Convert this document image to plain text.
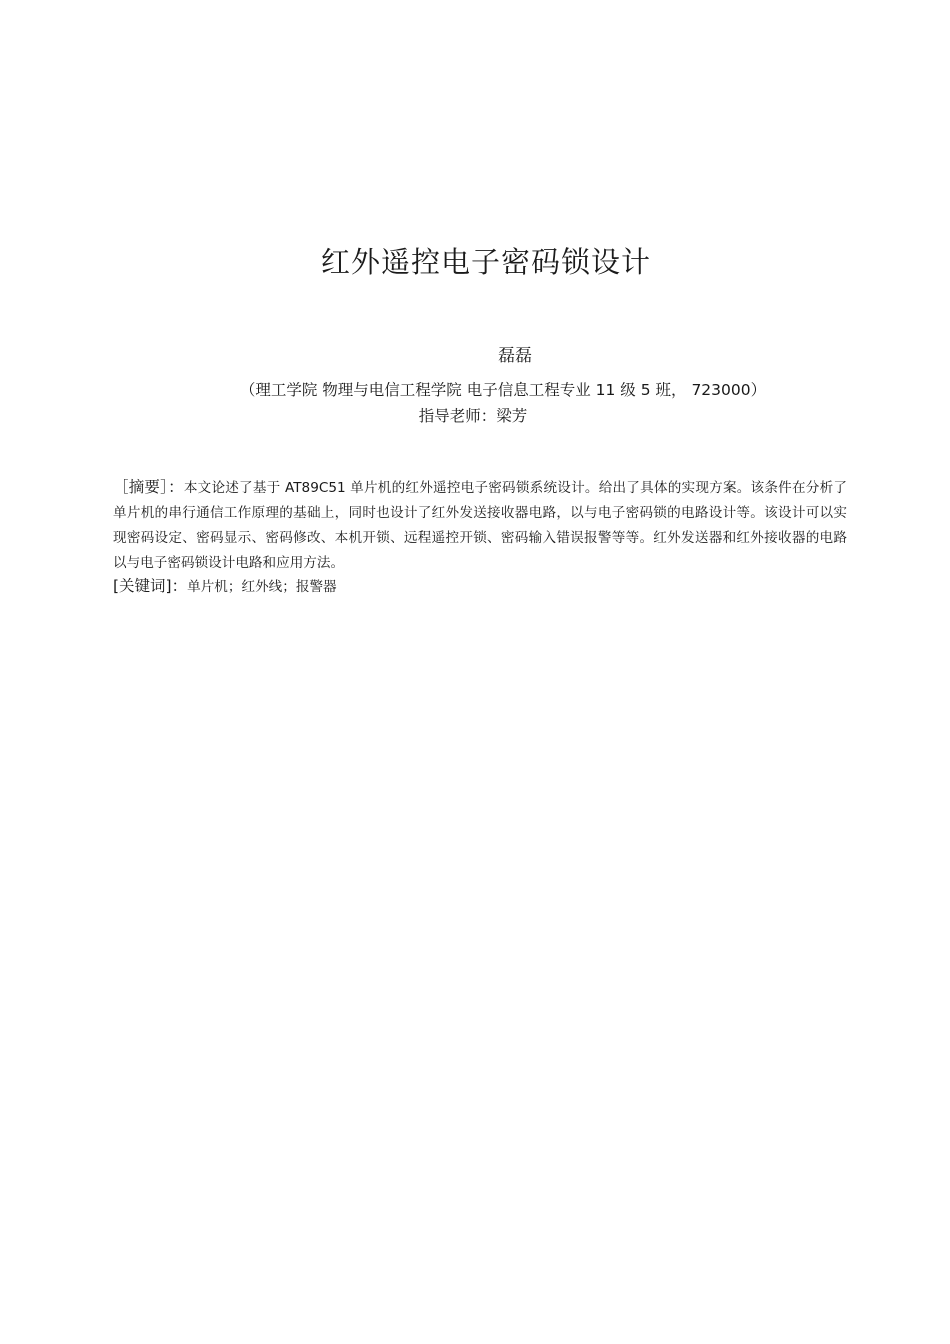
红外遥控电子密码锁设计

磊磊

（理工学院 物理与电信工程学院 电子信息工程专业 11 级 5 班， 723000）

指导老师：梁芳

［摘要］：本文论述了基于 AT89C51 单片机的红外遥控电子密码锁系统设计。给出了具体的实现方案。该条件在分析了单片机的串行通信工作原理的基础上，同时也设计了红外发送接收器电路，以与电子密码锁的电路设计等。该设计可以实现密码设定、密码显示、密码修改、本机开锁、远程遥控开锁、密码输入错误报警等等。红外发送器和红外接收器的电路以与电子密码锁设计电路和应用方法。

[关键词]：单片机；红外线；报警器
